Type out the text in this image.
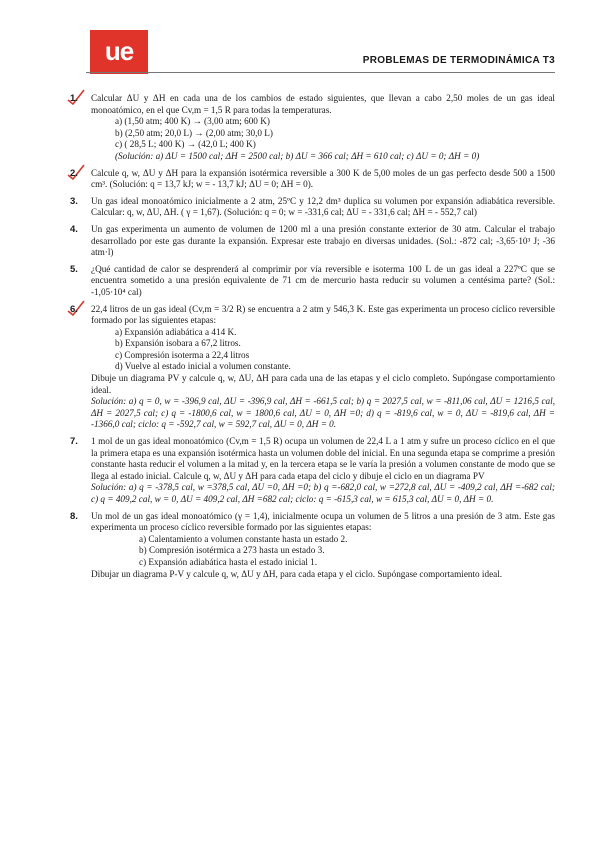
ue	PROBLEMAS DE TERMODINÁMICA T3
1. Calcular ΔU y ΔH en cada una de los cambios de estado siguientes, que llevan a cabo 2,50 moles de un gas ideal monoatómico, en el que Cv,m = 1,5 R para todas la temperaturas.

a) (1,50 atm; 400 K) → (3,00 atm; 600 K)

b) (2,50 atm; 20,0 L) → (2,00 atm; 30,0 L)

c) ( 28,5 L; 400 K) → (42,0 L; 400 K)

(Solución: a) ΔU = 1500 cal; ΔH = 2500 cal; b) ΔU = 366 cal; ΔH = 610 cal; c) ΔU = 0; ΔH = 0)

2. Calcule q, w, ΔU y ΔH para la expansión isotérmica reversible a 300 K de 5,00 moles de un gas perfecto desde 500 a 1500 cm³. (Solución: q = 13,7 kJ; w = - 13,7 kJ; ΔU = 0; ΔH = 0).

3. Un gas ideal monoatómico inicialmente a 2 atm, 25ºC y 12,2 dm³ duplica su volumen por expansión adiabática reversible. Calcular: q, w, ΔU, ΔH. ( γ = 1,67). (Solución: q = 0; w = -331,6 cal; ΔU = - 331,6 cal; ΔH = - 552,7 cal)

4. Un gas experimenta un aumento de volumen de 1200 ml a una presión constante exterior de 30 atm. Calcular el trabajo desarrollado por este gas durante la expansión. Expresar este trabajo en diversas unidades. (Sol.: -872 cal; -3,65·10³ J; -36 atm·l)

5. ¿Qué cantidad de calor se desprenderá al comprimir por vía reversible e isoterma 100 L de un gas ideal a 227ºC que se encuentra sometido a una presión equivalente de 71 cm de mercurio hasta reducir su volumen a centésima parte? (Sol.: -1,05·10⁴ cal)

6. 22,4 litros de un gas ideal (Cv,m = 3/2 R) se encuentra a 2 atm y 546,3 K. Este gas experimenta un proceso cíclico reversible formado por las siguientes etapas:

a) Expansión adiabática a 414 K.

b) Expansión isobara a 67,2 litros.

c) Compresión isoterma a 22,4 litros

d) Vuelve al estado inicial a volumen constante.

Dibuje un diagrama PV y calcule q, w, ΔU, ΔH para cada una de las etapas y el ciclo completo. Supóngase comportamiento ideal.

Solución: a) q = 0, w = -396,9 cal, ΔU = -396,9 cal, ΔH = -661,5 cal; b) q = 2027,5 cal, w = -811,06 cal, ΔU = 1216,5 cal, ΔH = 2027,5 cal; c) q = -1800,6 cal, w = 1800,6 cal, ΔU = 0, ΔH =0; d) q = -819,6 cal, w = 0, ΔU = -819,6 cal, ΔH = -1366,0 cal; ciclo: q = -592,7 cal, w = 592,7 cal, ΔU = 0, ΔH = 0.

7. 1 mol de un gas ideal monoatómico (Cv,m = 1,5 R) ocupa un volumen de 22,4 L a 1 atm y sufre un proceso cíclico en el que la primera etapa es una expansión isotérmica hasta un volumen doble del inicial. En una segunda etapa se comprime a presión constante hasta reducir el volumen a la mitad y, en la tercera etapa se le varía la presión a volumen constante de modo que se llega al estado inicial. Calcule q, w, ΔU y ΔH para cada etapa del ciclo y dibuje el ciclo en un diagrama PV

Solución: a) q = -378,5 cal, w =378,5 cal, ΔU =0, ΔH =0; b) q =-682,0 cal, w =272,8 cal, ΔU = -409,2 cal, ΔH =-682 cal; c) q = 409,2 cal, w = 0, ΔU = 409,2 cal, ΔH =682 cal; ciclo: q = -615,3 cal, w = 615,3 cal, ΔU = 0, ΔH = 0.

8. Un mol de un gas ideal monoatómico (γ = 1,4), inicialmente ocupa un volumen de 5 litros a una presión de 3 atm. Este gas experimenta un proceso cíclico reversible formado por las siguientes etapas:

a) Calentamiento a volumen constante hasta un estado 2.

b) Compresión isotérmica a 273 hasta un estado 3.

c) Expansión adiabática hasta el estado inicial 1.

Dibujar un diagrama P-V y calcule q, w, ΔU y ΔH, para cada etapa y el ciclo. Supóngase comportamiento ideal.
